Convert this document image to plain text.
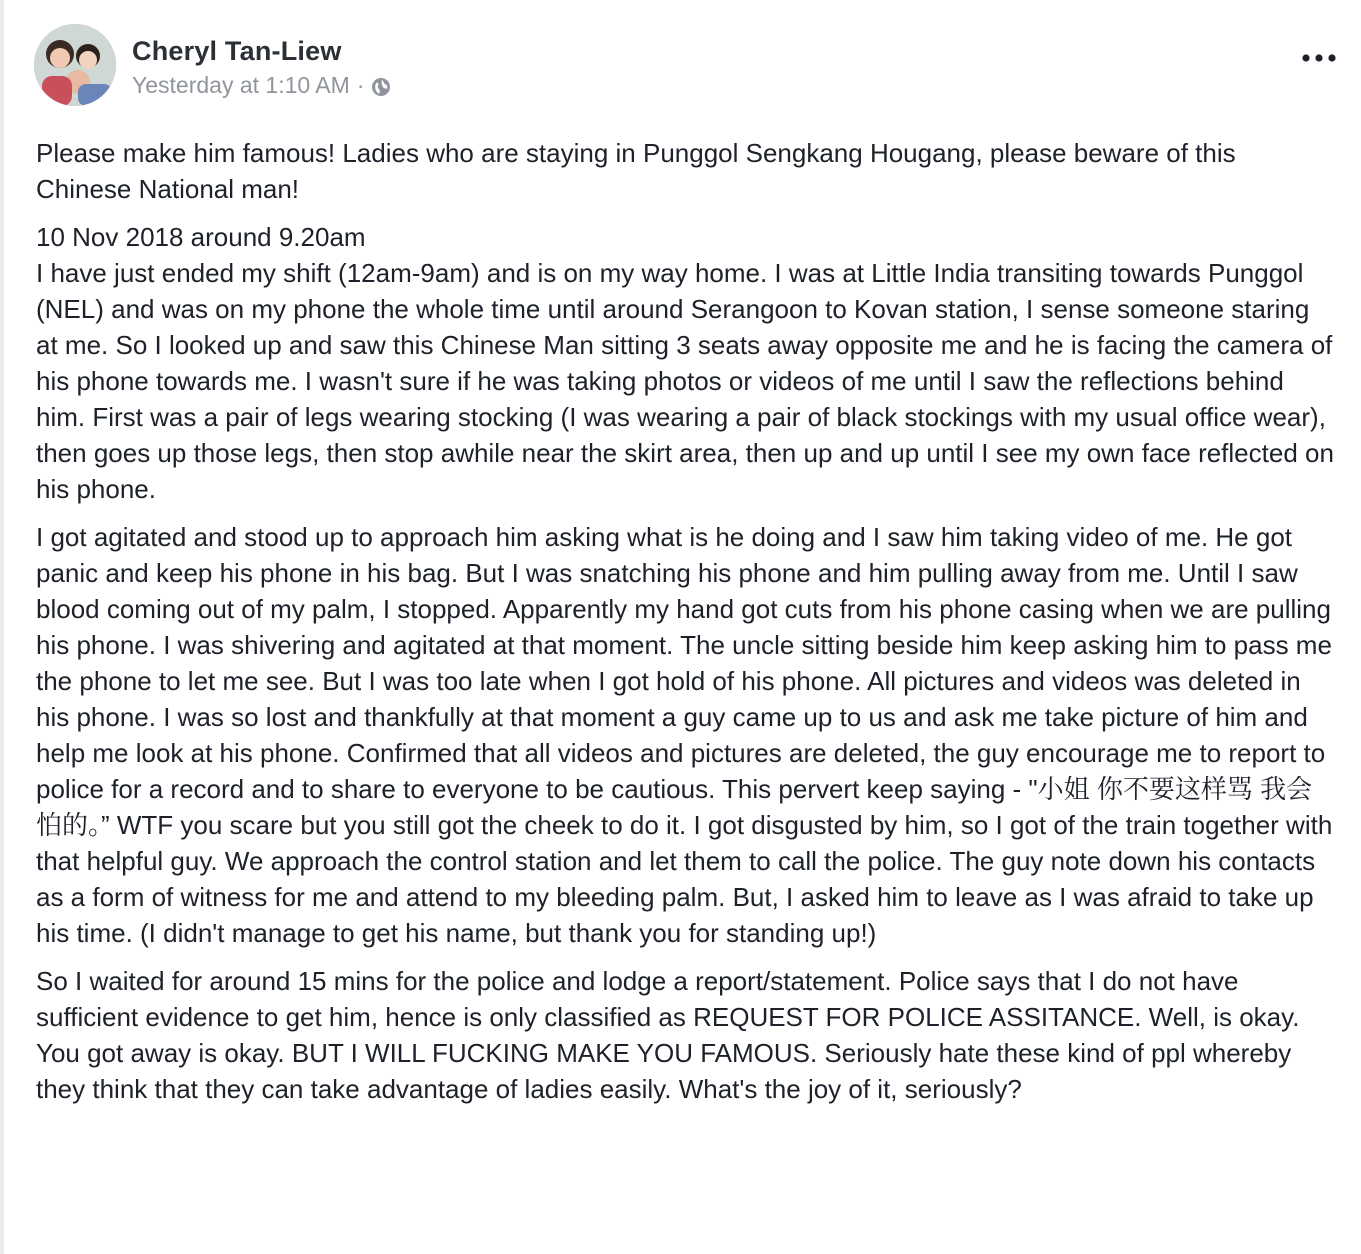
Cheryl Tan-Liew
Yesterday at 1:10 AM ·

Please make him famous! Ladies who are staying in Punggol Sengkang Hougang, please beware of this Chinese National man!

10 Nov 2018 around 9.20am
I have just ended my shift (12am-9am) and is on my way home. I was at Little India transiting towards Punggol (NEL) and was on my phone the whole time until around Serangoon to Kovan station, I sense someone staring at me. So I looked up and saw this Chinese Man sitting 3 seats away opposite me and he is facing the camera of his phone towards me. I wasn't sure if he was taking photos or videos of me until I saw the reflections behind him. First was a pair of legs wearing stocking (I was wearing a pair of black stockings with my usual office wear), then goes up those legs, then stop awhile near the skirt area, then up and up until I see my own face reflected on his phone.

I got agitated and stood up to approach him asking what is he doing and I saw him taking video of me. He got panic and keep his phone in his bag. But I was snatching his phone and him pulling away from me. Until I saw blood coming out of my palm, I stopped. Apparently my hand got cuts from his phone casing when we are pulling his phone. I was shivering and agitated at that moment. The uncle sitting beside him keep asking him to pass me the phone to let me see. But I was too late when I got hold of his phone. All pictures and videos was deleted in his phone. I was so lost and thankfully at that moment a guy came up to us and ask me take picture of him and help me look at his phone. Confirmed that all videos and pictures are deleted, the guy encourage me to report to police for a record and to share to everyone to be cautious. This pervert keep saying - "小姐 你不要这样骂 我会怕的。” WTF you scare but you still got the cheek to do it. I got disgusted by him, so I got of the train together with that helpful guy. We approach the control station and let them to call the police. The guy note down his contacts as a form of witness for me and attend to my bleeding palm. But, I asked him to leave as I was afraid to take up his time. (I didn't manage to get his name, but thank you for standing up!)

So I waited for around 15 mins for the police and lodge a report/statement. Police says that I do not have sufficient evidence to get him, hence is only classified as REQUEST FOR POLICE ASSITANCE. Well, is okay. You got away is okay. BUT I WILL FUCKING MAKE YOU FAMOUS. Seriously hate these kind of ppl whereby they think that they can take advantage of ladies easily. What's the joy of it, seriously?
